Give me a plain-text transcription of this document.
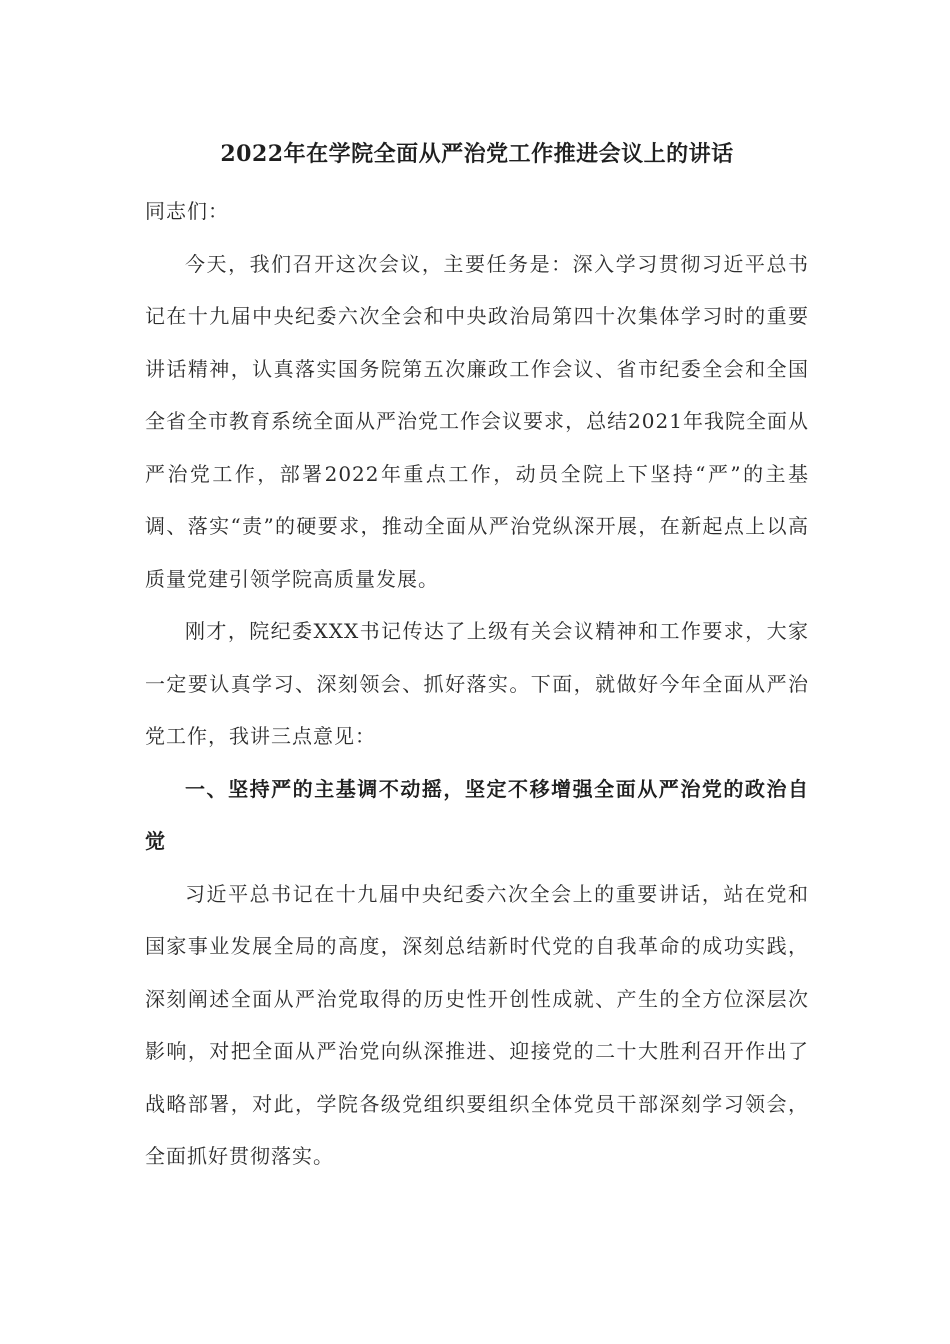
2022年在学院全面从严治党工作推进会议上的讲话

同志们：

今天，我们召开这次会议，主要任务是：深入学习贯彻习近平总书记在十九届中央纪委六次全会和中央政治局第四十次集体学习时的重要讲话精神，认真落实国务院第五次廉政工作会议、省市纪委全会和全国全省全市教育系统全面从严治党工作会议要求，总结2021年我院全面从严治党工作，部署2022年重点工作，动员全院上下坚持“严”的主基调、落实“责”的硬要求，推动全面从严治党纵深开展，在新起点上以高质量党建引领学院高质量发展。

刚才，院纪委XXX书记传达了上级有关会议精神和工作要求，大家一定要认真学习、深刻领会、抓好落实。下面，就做好今年全面从严治党工作，我讲三点意见：

一、坚持严的主基调不动摇，坚定不移增强全面从严治党的政治自觉

习近平总书记在十九届中央纪委六次全会上的重要讲话，站在党和国家事业发展全局的高度，深刻总结新时代党的自我革命的成功实践，深刻阐述全面从严治党取得的历史性开创性成就、产生的全方位深层次影响，对把全面从严治党向纵深推进、迎接党的二十大胜利召开作出了战略部署，对此，学院各级党组织要组织全体党员干部深刻学习领会，全面抓好贯彻落实。
